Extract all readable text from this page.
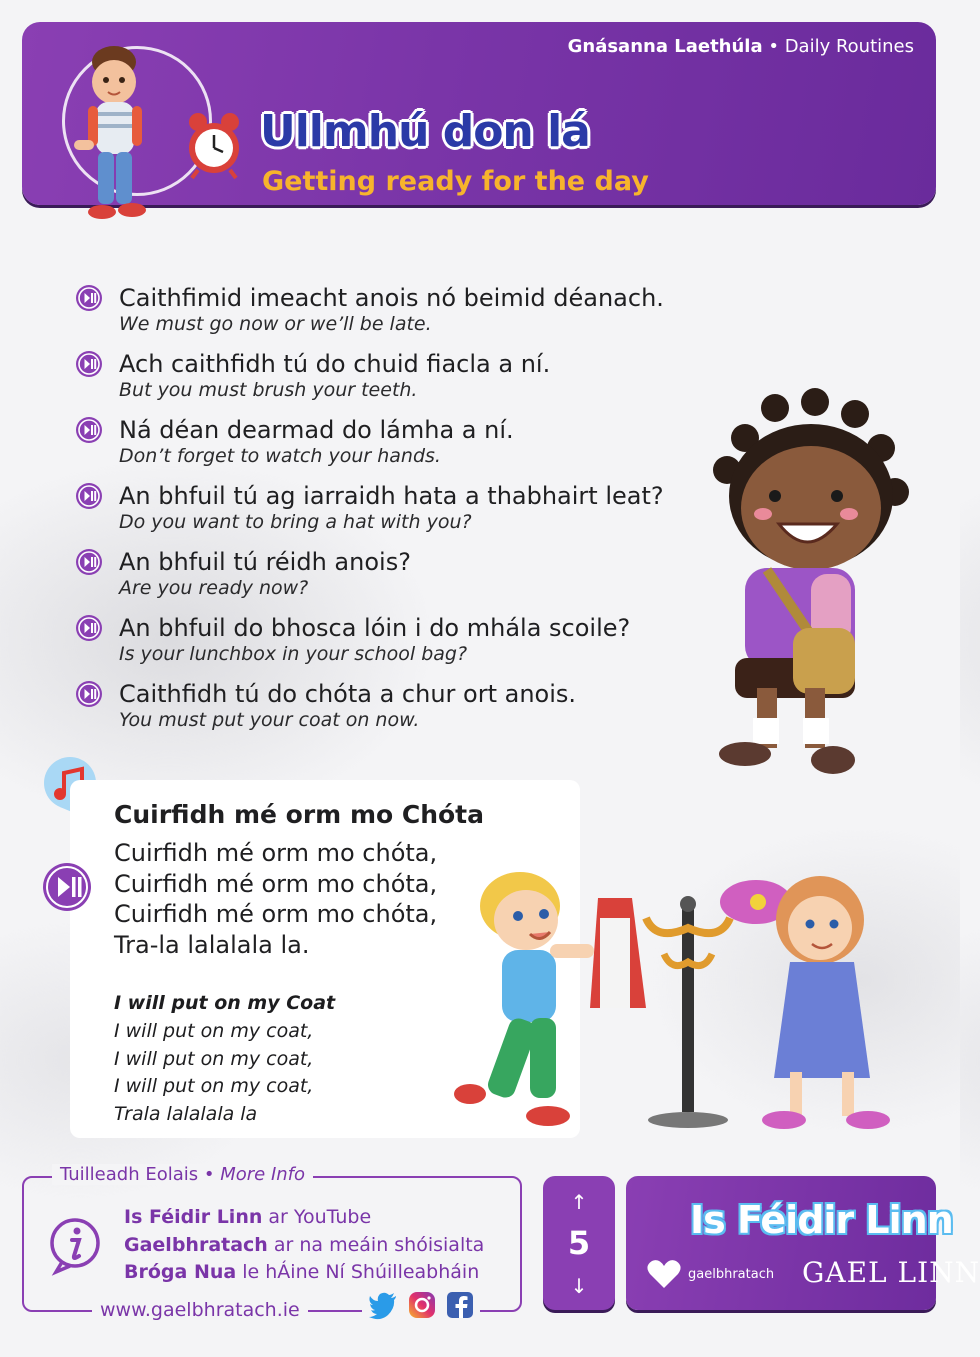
Gnásanna Laethúla • Daily Routines
Ullmhú don lá
Getting ready for the day
Caithfimid imeacht anois nó beimid déanach.
We must go now or we’ll be late.
Ach caithfidh tú do chuid fiacla a ní.
But you must brush your teeth.
Ná déan dearmad do lámha a ní.
Don’t forget to watch your hands.
An bhfuil tú ag iarraidh hata a thabhairt leat?
Do you want to bring a hat with you?
An bhfuil tú réidh anois?
Are you ready now?
An bhfuil do bhosca lóin i do mhála scoile?
Is your lunchbox in your school bag?
Caithfidh tú do chóta a chur ort anois.
You must put your coat on now.
Cuirfidh mé orm mo Chóta
Cuirfidh mé orm mo chóta,
Cuirfidh mé orm mo chóta,
Cuirfidh mé orm mo chóta,
Tra-la lalalala la.
I will put on my Coat
I will put on my coat,
I will put on my coat,
I will put on my coat,
Trala lalalala la
Tuilleadh Eolais • More Info
Is Féidir Linn ar YouTube
Gaelbhratach ar na meáin shóisialta
Bróga Nua le hÁine Ní Shúilleabháin
www.gaelbhratach.ie
↑
5
↓
Is Féidir Linn
gaelbhratach GAEL LINN
